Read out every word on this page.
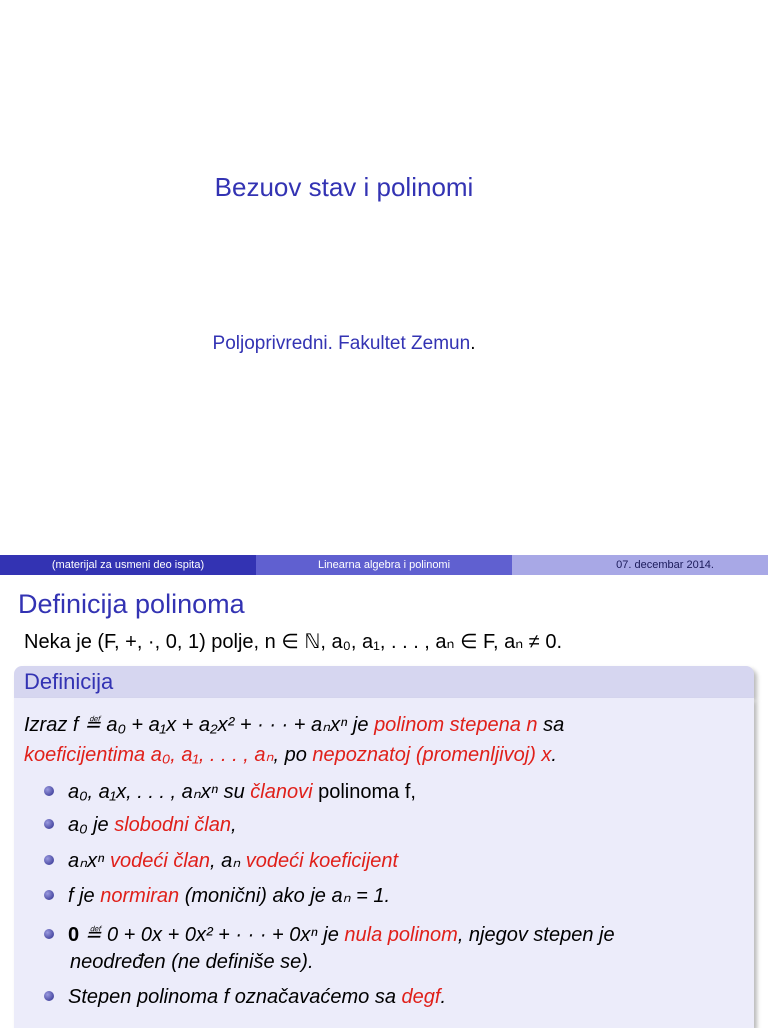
Bezuov stav i polinomi
Poljoprivredni. Fakultet Zemun.
(materijal za usmeni deo ispita)	Linearna algebra i polinomi	07. decembar 2014.
Definicija polinoma
Neka je (F, +, ·, 0, 1) polje, n ∈ ℕ, a₀, a₁, . . . , aₙ ∈ F, aₙ ≠ 0.
Definicija
Izraz f ≝ a₀ + a₁x + a₂x² + · · · + aₙxⁿ je polinom stepena n sa
koeficijentima a₀, a₁, . . . , aₙ, po nepoznatoj (promenljivoj) x.
a₀, a₁x, . . . , aₙxⁿ su članovi polinoma f,
a₀ je slobodni član,
aₙxⁿ vodeći član, aₙ vodeći koeficijent
f je normiran (monični) ako je aₙ = 1.
0 ≝ 0 + 0x + 0x² + · · · + 0xⁿ je nula polinom, njegov stepen je
neodređen (ne definiše se).
Stepen polinoma f označavaćemo sa degf.
